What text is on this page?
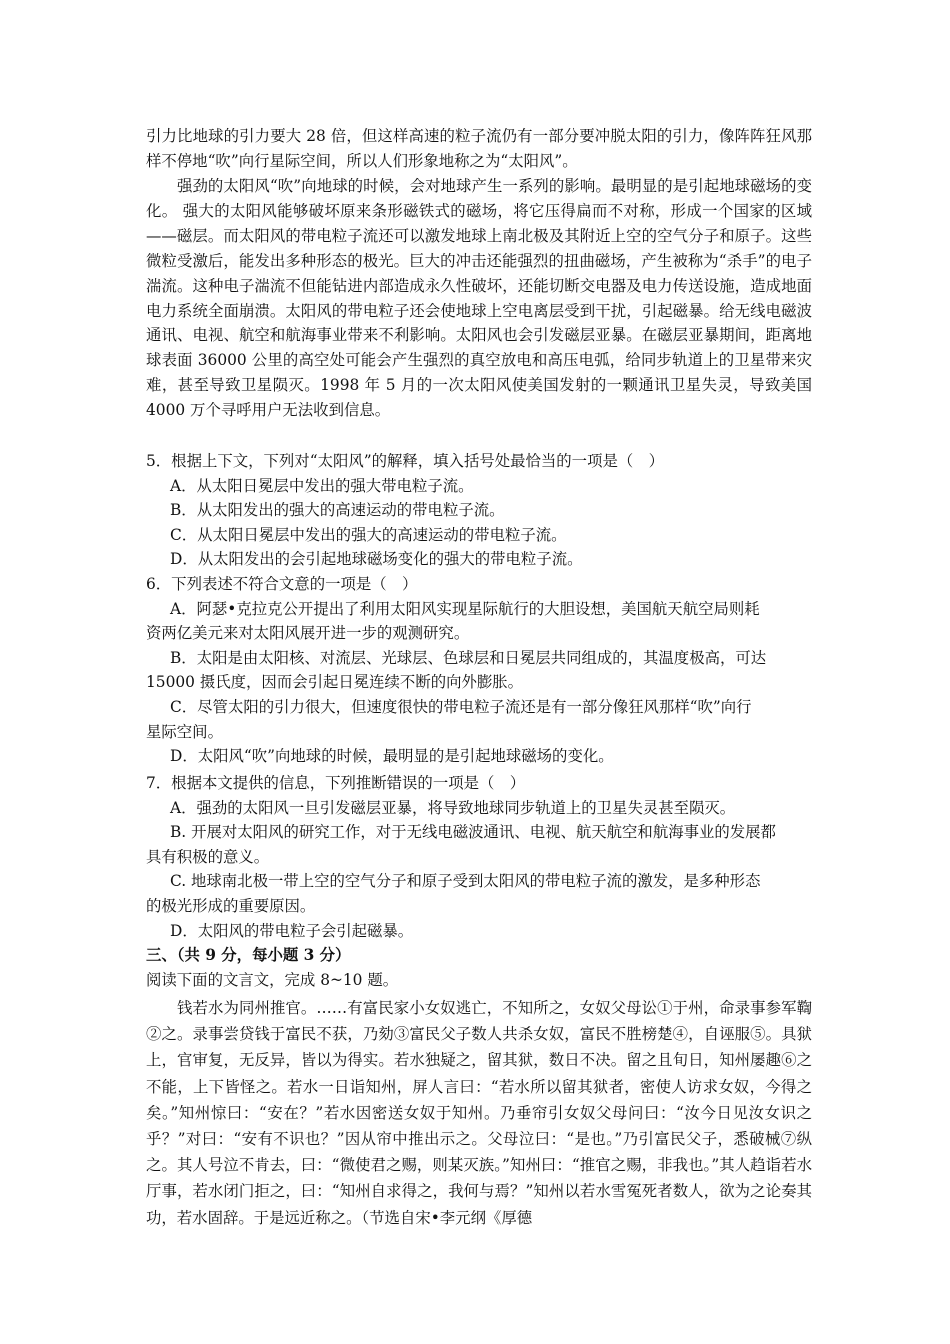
引力比地球的引力要大 28 倍，但这样高速的粒子流仍有一部分要冲脱太阳的引力，像阵阵狂风那样不停地“吹”向行星际空间，所以人们形象地称之为“太阳风”。

　　强劲的太阳风“吹”向地球的时候，会对地球产生一系列的影响。最明显的是引起地球磁场的变化。 强大的太阳风能够破坏原来条形磁铁式的磁场，将它压得扁而不对称，形成一个国家的区域——磁层。而太阳风的带电粒子流还可以激发地球上南北极及其附近上空的空气分子和原子。这些微粒受激后，能发出多种形态的极光。巨大的冲击还能强烈的扭曲磁场，产生被称为“杀手”的电子湍流。这种电子湍流不但能钻进内部造成永久性破坏，还能切断交电器及电力传送设施，造成地面电力系统全面崩溃。太阳风的带电粒子还会使地球上空电离层受到干扰，引起磁暴。给无线电磁波通讯、电视、航空和航海事业带来不利影响。太阳风也会引发磁层亚暴。在磁层亚暴期间，距离地球表面 36000 公里的高空处可能会产生强烈的真空放电和高压电弧，给同步轨道上的卫星带来灾难，甚至导致卫星陨灭。1998 年 5 月的一次太阳风使美国发射的一颗通讯卫星失灵，导致美国 4000 万个寻呼用户无法收到信息。

5．根据上下文，下列对“太阳风”的解释，填入括号处最恰当的一项是（　）
A．从太阳日冕层中发出的强大带电粒子流。
B．从太阳发出的强大的高速运动的带电粒子流。
C．从太阳日冕层中发出的强大的高速运动的带电粒子流。
D．从太阳发出的会引起地球磁场变化的强大的带电粒子流。
6．下列表述不符合文意的一项是（　）
A．阿瑟•克拉克公开提出了利用太阳风实现星际航行的大胆设想，美国航天航空局则耗
资两亿美元来对太阳风展开进一步的观测研究。
B．太阳是由太阳核、对流层、光球层、色球层和日冕层共同组成的，其温度极高，可达
15000 摄氏度，因而会引起日冕连续不断的向外膨胀。
C．尽管太阳的引力很大，但速度很快的带电粒子流还是有一部分像狂风那样“吹”向行
星际空间。
D．太阳风“吹”向地球的时候，最明显的是引起地球磁场的变化。
7．根据本文提供的信息，下列推断错误的一项是（　）
A．强劲的太阳风一旦引发磁层亚暴，将导致地球同步轨道上的卫星失灵甚至陨灭。
B. 开展对太阳风的研究工作，对于无线电磁波通讯、电视、航天航空和航海事业的发展都
具有积极的意义。
C. 地球南北极一带上空的空气分子和原子受到太阳风的带电粒子流的激发，是多种形态
的极光形成的重要原因。
D．太阳风的带电粒子会引起磁暴。
三、（共 9 分，每小题 3 分）
阅读下面的文言文，完成 8~10 题。

　　钱若水为同州推官。……有富民家小女奴逃亡，不知所之，女奴父母讼①于州，命录事参军鞫②之。录事尝贷钱于富民不获，乃劾③富民父子数人共杀女奴，富民不胜榜楚④，自诬服⑤。具狱上，官审复，无反异，皆以为得实。若水独疑之，留其狱，数日不决。留之且旬日，知州屡趣⑥之不能，上下皆怪之。若水一日诣知州，屏人言曰：“若水所以留其狱者，密使人访求女奴，今得之矣。”知州惊曰：“安在？”若水因密送女奴于知州。乃垂帘引女奴父母问曰：“汝今日见汝女识之乎？”对曰：“安有不识也？”因从帘中推出示之。父母泣曰：“是也。”乃引富民父子，悉破械⑦纵之。其人号泣不肯去，曰：“微使君之赐，则某灭族。”知州曰：“推官之赐，非我也。”其人趋诣若水厅事，若水闭门拒之，曰：“知州自求得之，我何与焉？”知州以若水雪冤死者数人，欲为之论奏其功，若水固辞。于是远近称之。（节选自宋•李元纲《厚德
